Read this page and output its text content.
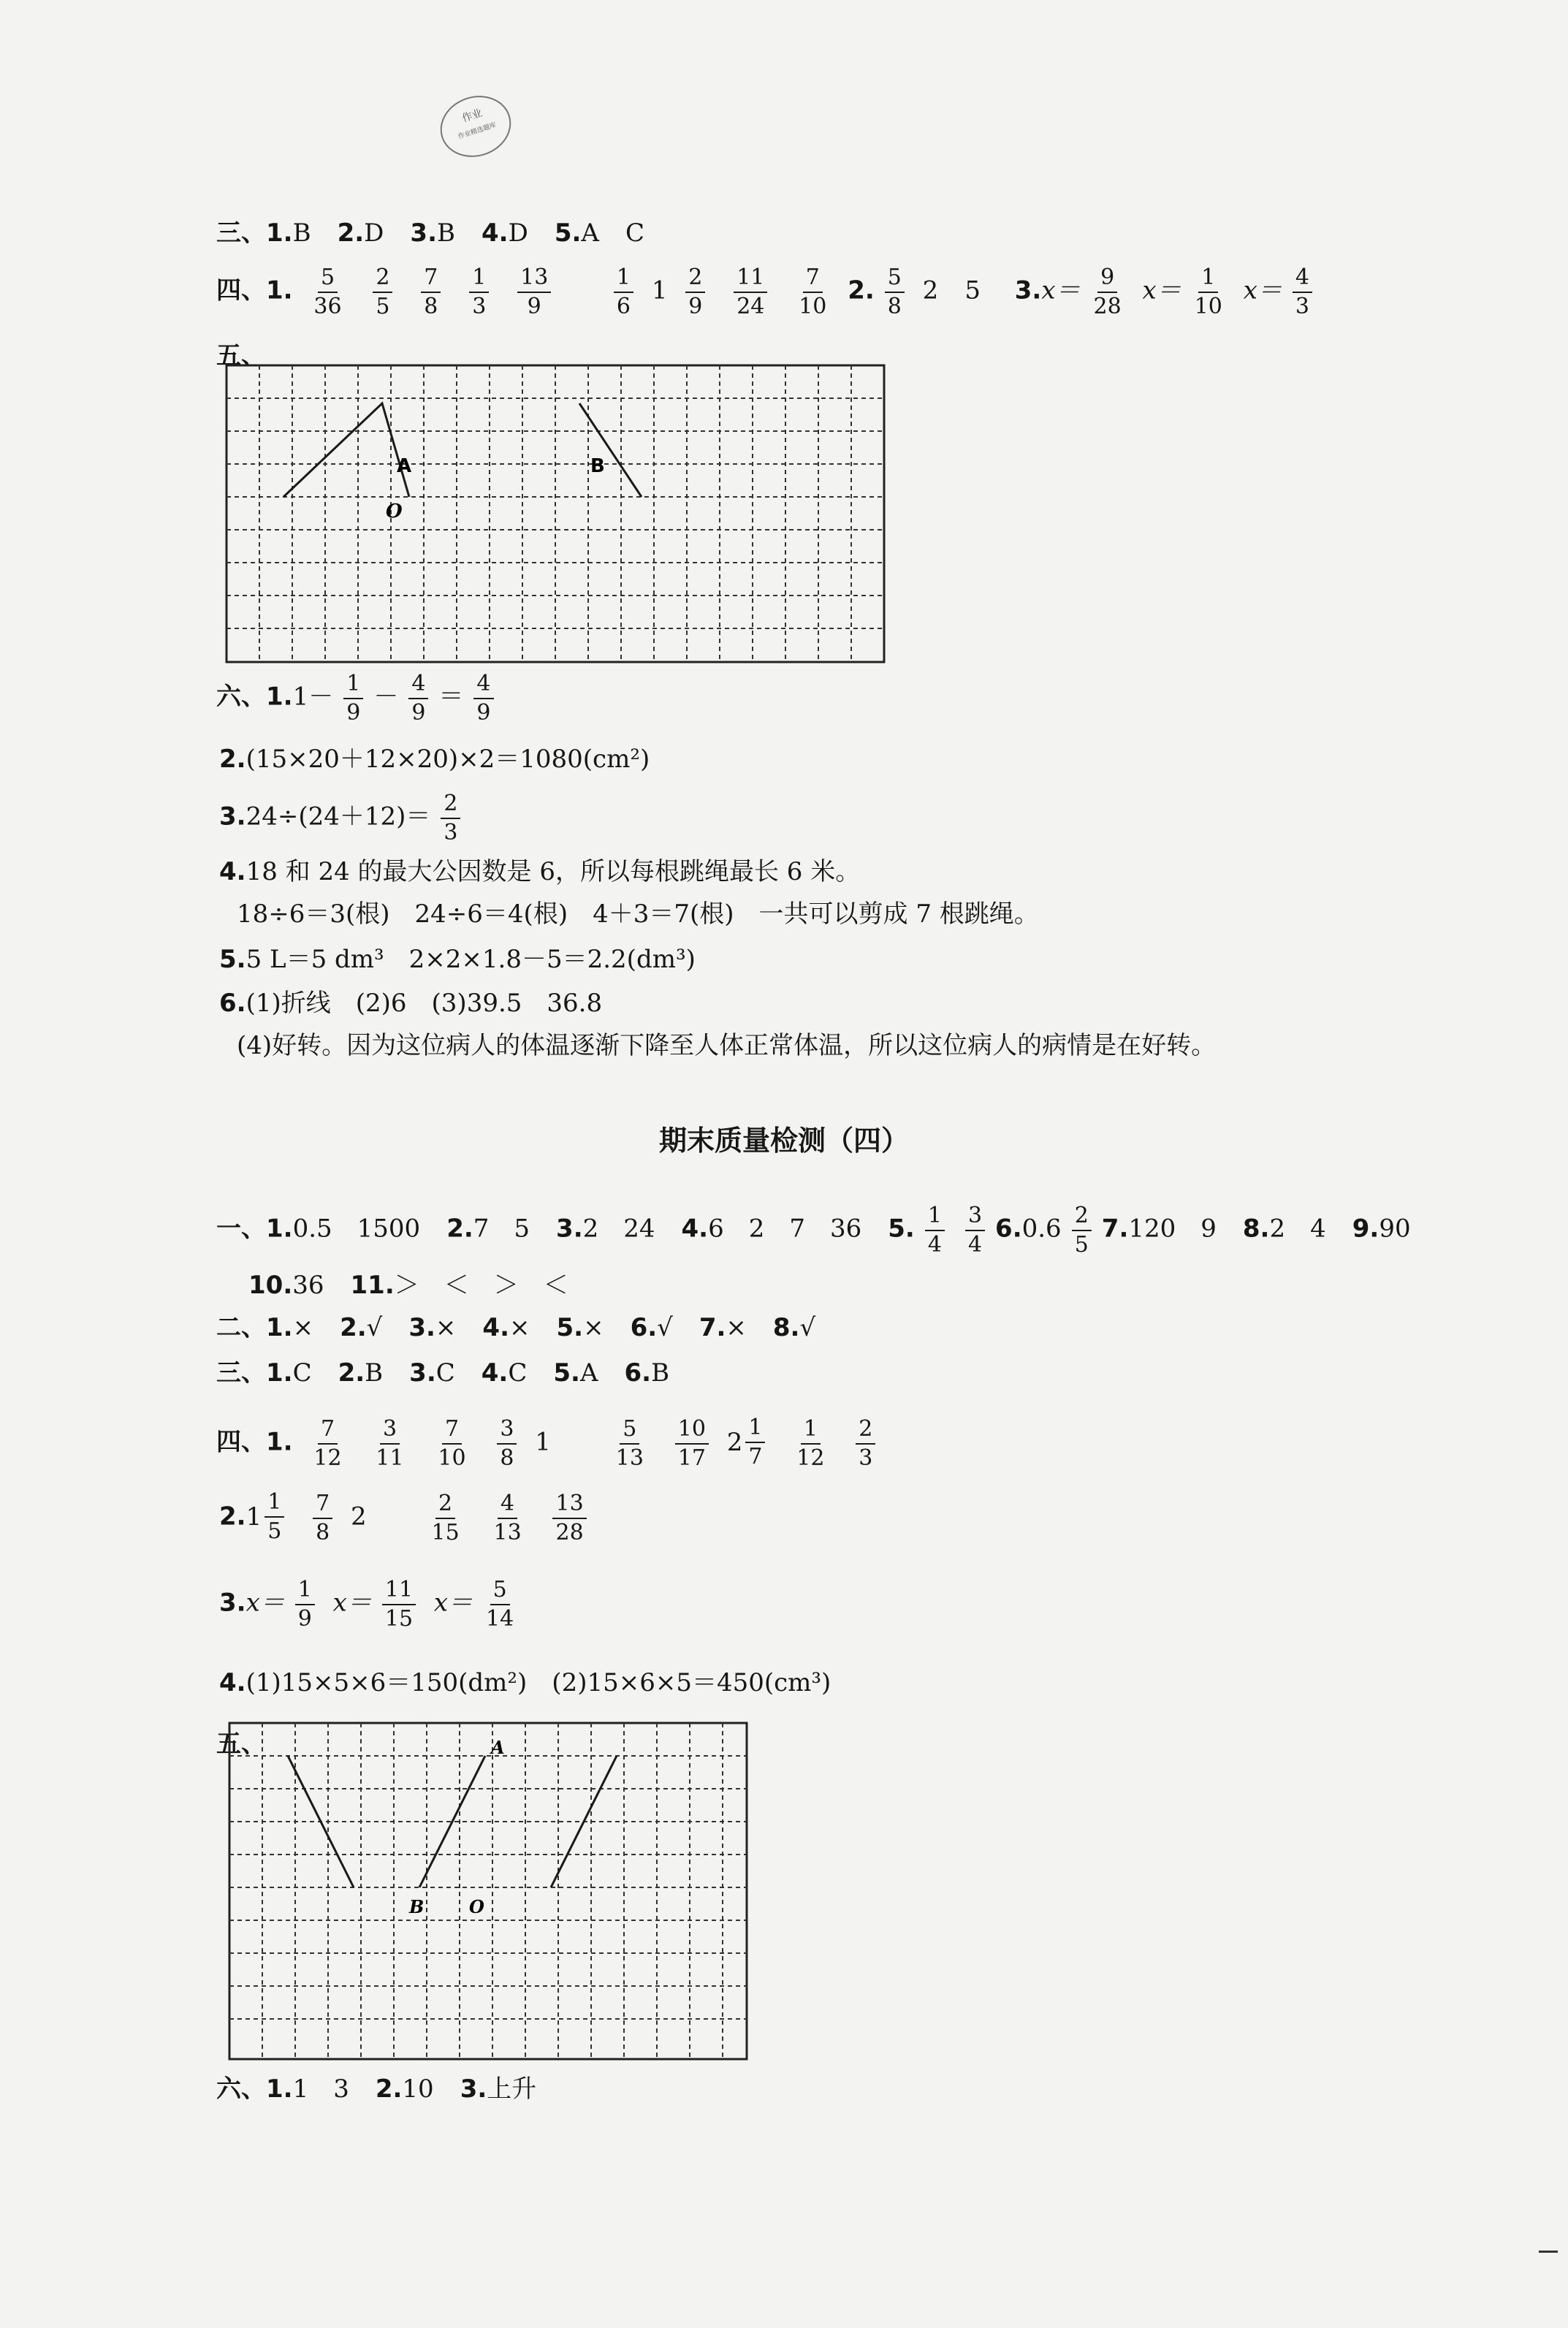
作业
作业精选题库
三、1.B 2.D 3.B 4.D 5.A C
四、1. $\frac{5}{36}$
$\frac{2}{5}$
$\frac{7}{8}$
$\frac{1}{3}$
$\frac{13}{9}$
	$\frac{1}{6} 1 \frac{2}{9}$
$\frac{11}{24}$
$\frac{7}{10} 2$. $\frac{5}{8} 2$ 5 $3.x= \frac{9}{28} x= \frac{1}{10} x= \frac{4}{3}$
五、
A
O
B
六、$1.1- \frac{1}{9} - \frac{4}{9} = \frac{4}{9}$
2.(15×20＋12×20)×2＝1080(cm²)
$3.24\div(24+12)= \frac{2}{3}$
4.18 和 24 的最大公因数是 6，所以每根跳绳最长 6 米。
18÷6＝3(根)　24÷6＝4(根)　4＋3＝7(根)　一共可以剪成 7 根跳绳。
5.5 L＝5 dm³　2×2×1.8－5＝2.2(dm³)
6.(1)折线　(2)6　(3)39.5　36.8
(4)好转。因为这位病人的体温逐渐下降至人体正常体温，所以这位病人的病情是在好转。
期末质量检测（四）
一、1.0.5　1500 2.7　5 3.2　24 4.6　2　7　36 5. $\frac{1}{4} \frac{3}{4} 6.0.6 \frac{2}{5} 7.120$　9 8.2　4 9.90
10.36 11.＞　＜　＞　＜
二、1.× 2.√ 3.× 4.× 5.× 6.√ 7.× 8.√
三、1.C 2.B 3.C 4.C 5.A 6.B
四、1. $\frac{7}{12}$
$\frac{3}{11}$
$\frac{7}{10}$
$\frac{3}{8} 1$	$\frac{5}{13}$
$\frac{10}{17}$
$2 \frac{1}{7}$
$\frac{1}{12}$
$\frac{2}{3}$
2. $1 \frac{1}{5}$
$\frac{7}{8} 2$	$\frac{2}{15}$
$\frac{4}{13}$
$\frac{13}{28}$
$3.x= \frac{1}{9} x= \frac{11}{15} x= \frac{5}{14}$
4.(1)15×5×6＝150(dm²)　(2)15×6×5＝450(cm³)
五、	A
B	O
六、1.1　3 2.10 3.上升
